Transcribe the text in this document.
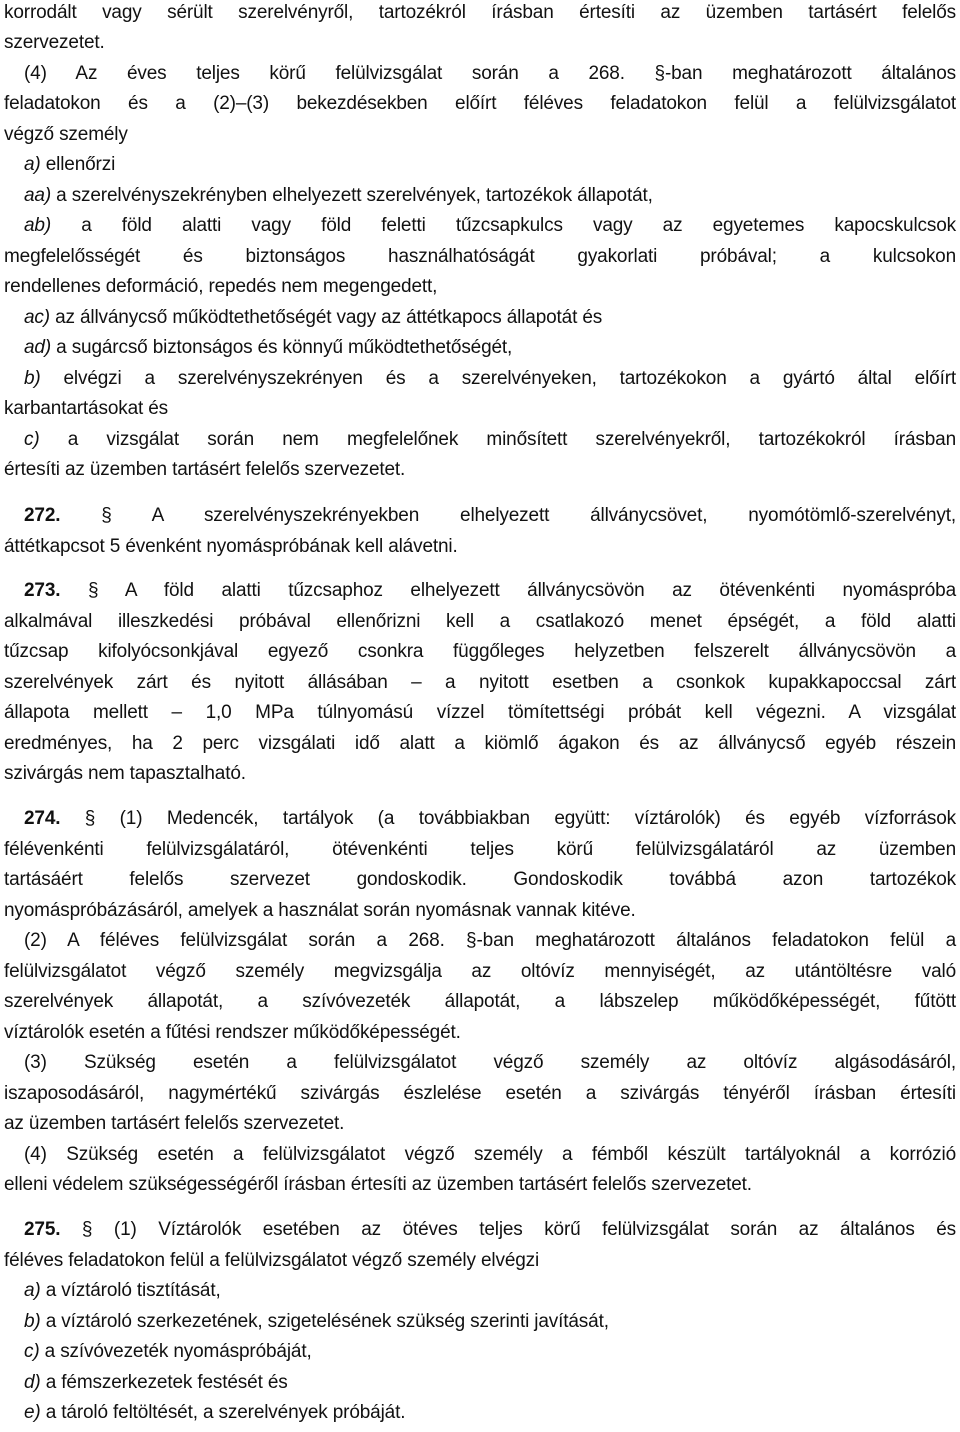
korrodált vagy sérült szerelvényről, tartozékról írásban értesíti az üzemben tartásért felelős
szervezetet.
(4) Az éves teljes körű felülvizsgálat során a 268. §-ban meghatározott általános
feladatokon és a (2)–(3) bekezdésekben előírt féléves feladatokon felül a felülvizsgálatot
végző személy
a) ellenőrzi
aa) a szerelvényszekrényben elhelyezett szerelvények, tartozékok állapotát,
ab) a föld alatti vagy föld feletti tűzcsapkulcs vagy az egyetemes kapocskulcsok
megfelelősségét és biztonságos használhatóságát gyakorlati próbával; a kulcsokon
rendellenes deformáció, repedés nem megengedett,
ac) az állványcső működtethetőségét vagy az áttétkapocs állapotát és
ad) a sugárcső biztonságos és könnyű működtethetőségét,
b) elvégzi a szerelvényszekrényen és a szerelvényeken, tartozékokon a gyártó által előírt
karbantartásokat és
c) a vizsgálat során nem megfelelőnek minősített szerelvényekről, tartozékokról írásban
értesíti az üzemben tartásért felelős szervezetet.
272. § A szerelvényszekrényekben elhelyezett állványcsövet, nyomótömlő-szerelvényt,
áttétkapcsot 5 évenként nyomáspróbának kell alávetni.
273. § A föld alatti tűzcsaphoz elhelyezett állványcsövön az ötévenkénti nyomáspróba
alkalmával illeszkedési próbával ellenőrizni kell a csatlakozó menet épségét, a föld alatti
tűzcsap kifolyócsonkjával egyező csonkra függőleges helyzetben felszerelt állványcsövön a
szerelvények zárt és nyitott állásában – a nyitott esetben a csonkok kupakkapoccsal zárt
állapota mellett – 1,0 MPa túlnyomású vízzel tömítettségi próbát kell végezni. A vizsgálat
eredményes, ha 2 perc vizsgálati idő alatt a kiömlő ágakon és az állványcső egyéb részein
szivárgás nem tapasztalható.
274. § (1) Medencék, tartályok (a továbbiakban együtt: víztárolók) és egyéb vízforrások
félévenkénti felülvizsgálatáról, ötévenkénti teljes körű felülvizsgálatáról az üzemben
tartásáért felelős szervezet gondoskodik. Gondoskodik továbbá azon tartozékok
nyomáspróbázásáról, amelyek a használat során nyomásnak vannak kitéve.
(2) A féléves felülvizsgálat során a 268. §-ban meghatározott általános feladatokon felül a
felülvizsgálatot végző személy megvizsgálja az oltóvíz mennyiségét, az utántöltésre való
szerelvények állapotát, a szívóvezeték állapotát, a lábszelep működőképességét, fűtött
víztárolók esetén a fűtési rendszer működőképességét.
(3) Szükség esetén a felülvizsgálatot végző személy az oltóvíz algásodásáról,
iszaposodásáról, nagymértékű szivárgás észlelése esetén a szivárgás tényéről írásban értesíti
az üzemben tartásért felelős szervezetet.
(4) Szükség esetén a felülvizsgálatot végző személy a fémből készült tartályoknál a korrózió
elleni védelem szükségességéről írásban értesíti az üzemben tartásért felelős szervezetet.
275. § (1) Víztárolók esetében az ötéves teljes körű felülvizsgálat során az általános és
féléves feladatokon felül a felülvizsgálatot végző személy elvégzi
a) a víztároló tisztítását,
b) a víztároló szerkezetének, szigetelésének szükség szerinti javítását,
c) a szívóvezeték nyomáspróbáját,
d) a fémszerkezetek festését és
e) a tároló feltöltését, a szerelvények próbáját.
